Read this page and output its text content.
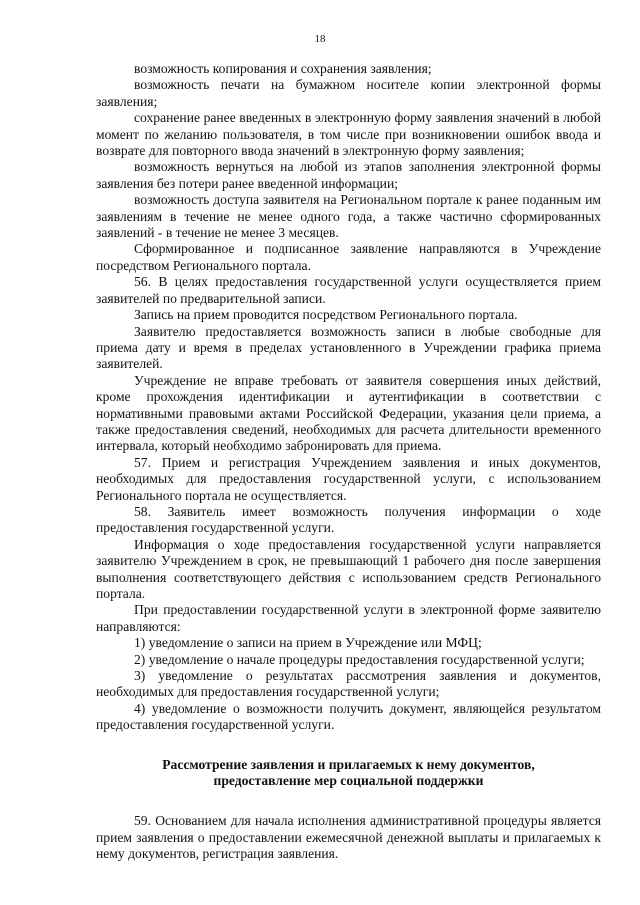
18

возможность копирования и сохранения заявления;

возможность печати на бумажном носителе копии электронной формы заявления;

сохранение ранее введенных в электронную форму заявления значений в любой момент по желанию пользователя, в том числе при возникновении ошибок ввода и возврате для повторного ввода значений в электронную форму заявления;

возможность вернуться на любой из этапов заполнения электронной формы заявления без потери ранее введенной информации;

возможность доступа заявителя на Региональном портале к ранее поданным им заявлениям в течение не менее одного года, а также частично сформированных заявлений - в течение не менее 3 месяцев.

Сформированное и подписанное заявление направляются в Учреждение посредством Регионального портала.

56. В целях предоставления государственной услуги осуществляется прием заявителей по предварительной записи.

Запись на прием проводится посредством Регионального портала.

Заявителю предоставляется возможность записи в любые свободные для приема дату и время в пределах установленного в Учреждении графика приема заявителей.

Учреждение не вправе требовать от заявителя совершения иных действий, кроме прохождения идентификации и аутентификации в соответствии с нормативными правовыми актами Российской Федерации, указания цели приема, а также предоставления сведений, необходимых для расчета длительности временного интервала, который необходимо забронировать для приема.

57. Прием и регистрация Учреждением заявления и иных документов, необходимых для предоставления государственной услуги, с использованием Регионального портала не осуществляется.

58. Заявитель имеет возможность получения информации о ходе предоставления государственной услуги.

Информация о ходе предоставления государственной услуги направляется заявителю Учреждением в срок, не превышающий 1 рабочего дня после завершения выполнения соответствующего действия с использованием средств Регионального портала.

При предоставлении государственной услуги в электронной форме заявителю направляются:

1) уведомление о записи на прием в Учреждение или МФЦ;

2) уведомление о начале процедуры предоставления государственной услуги;

3) уведомление о результатах рассмотрения заявления и документов, необходимых для предоставления государственной услуги;

4) уведомление о возможности получить документ, являющейся результатом предоставления государственной услуги.

Рассмотрение заявления и прилагаемых к нему документов,
предоставление мер социальной поддержки

59. Основанием для начала исполнения административной процедуры является прием заявления о предоставлении ежемесячной денежной выплаты и прилагаемых к нему документов, регистрация заявления.
